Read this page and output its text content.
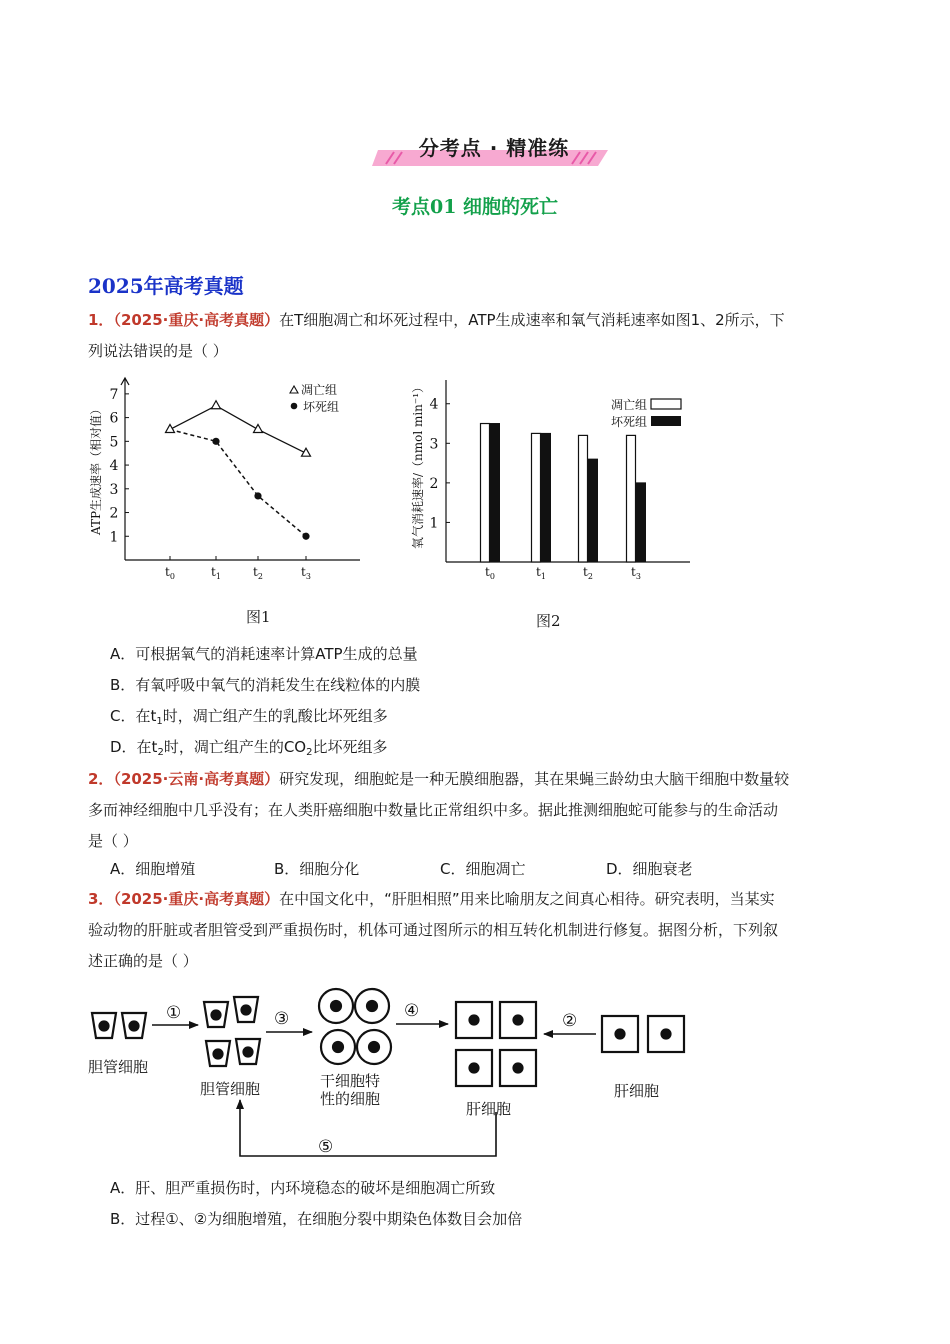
分考点 · 精准练
考点01 细胞的死亡
2025年高考真题
1．（2025·重庆·高考真题）在T细胞凋亡和坏死过程中，ATP生成速率和氧气消耗速率如图1、2所示，下
列说法错误的是（ ）
1
2
3
4
5
6
7
$t_0$	$t_1$	$t_2$	$t_3$
ATP生成速率（相对值）
凋亡组
坏死组
图1
1
2
3
4
$t_0$	$t_1$	$t_2$	$t_3$
氧气消耗速率/（nmol min⁻¹）	凋亡组
坏死组
图2
A．可根据氧气的消耗速率计算ATP生成的总量
B．有氧呼吸中氧气的消耗发生在线粒体的内膜
C．在$t_1$时，凋亡组产生的乳酸比坏死组多
D．在$t_2$时，凋亡组产生的$CO_2$比坏死组多
2．（2025·云南·高考真题）研究发现，细胞蛇是一种无膜细胞器，其在果蝇三龄幼虫大脑干细胞中数量较
多而神经细胞中几乎没有；在人类肝癌细胞中数量比正常组织中多。据此推测细胞蛇可能参与的生命活动
是（ ）
A．细胞增殖	B．细胞分化	C．细胞凋亡	D．细胞衰老
3．（2025·重庆·高考真题）在中国文化中，“肝胆相照”用来比喻朋友之间真心相待。研究表明，当某实
验动物的肝脏或者胆管受到严重损伤时，机体可通过图所示的相互转化机制进行修复。据图分析，下列叙
述正确的是（ ）
①	③	④	②
⑤
胆管细胞
胆管细胞	干细胞特
性的细胞
肝细胞
肝细胞
A．肝、胆严重损伤时，内环境稳态的破坏是细胞凋亡所致
B．过程①、②为细胞增殖，在细胞分裂中期染色体数目会加倍
